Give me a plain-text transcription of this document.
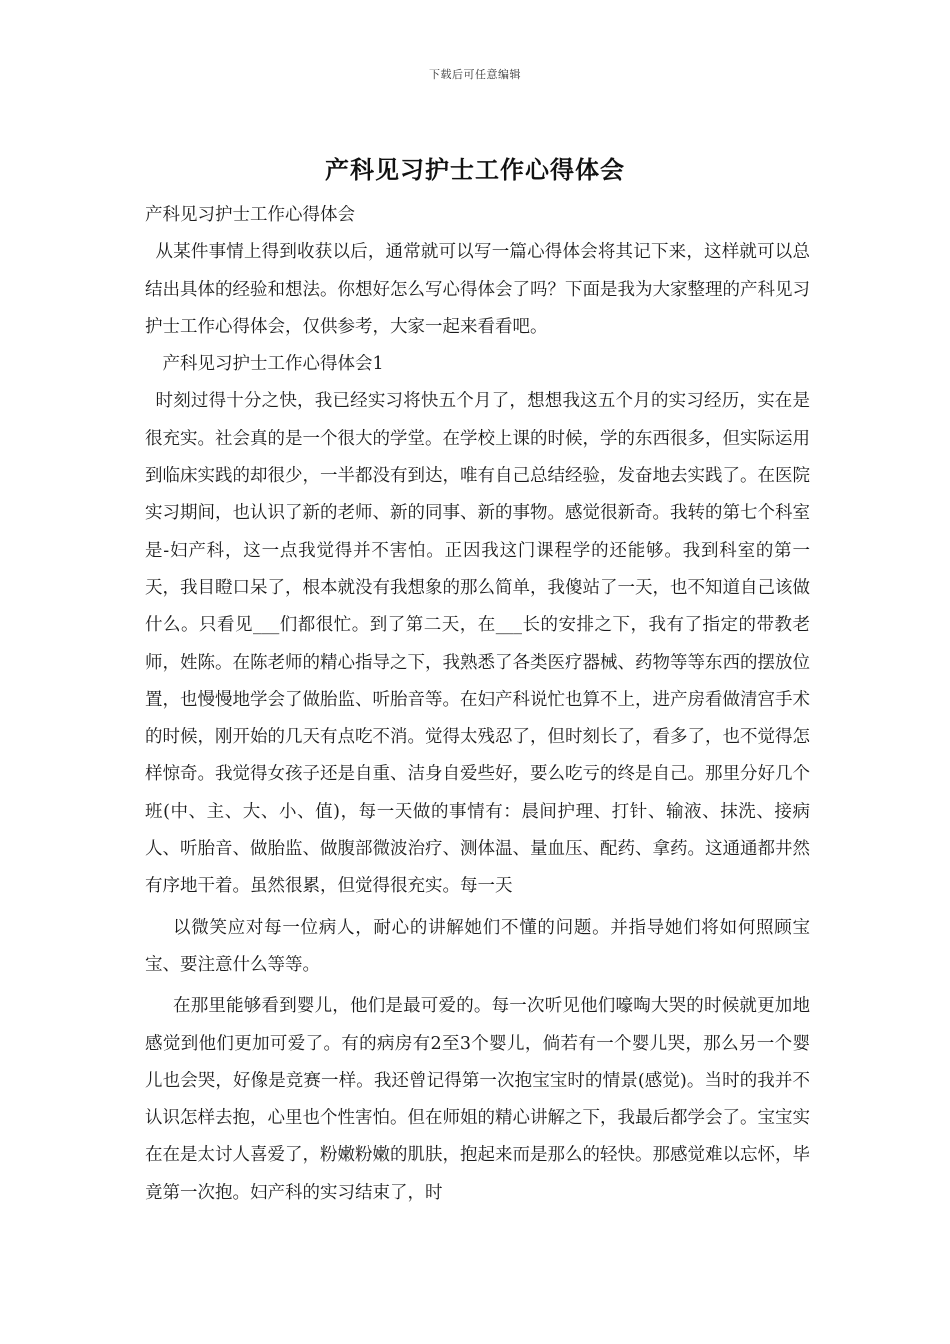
下载后可任意编辑
产科见习护士工作心得体会

产科见习护士工作心得体会

从某件事情上得到收获以后，通常就可以写一篇心得体会将其记下来，这样就可以总结出具体的经验和想法。你想好怎么写心得体会了吗？下面是我为大家整理的产科见习护士工作心得体会，仅供参考，大家一起来看看吧。

产科见习护士工作心得体会1

时刻过得十分之快，我已经实习将快五个月了，想想我这五个月的实习经历，实在是很充实。社会真的是一个很大的学堂。在学校上课的时候，学的东西很多，但实际运用到临床实践的却很少，一半都没有到达，唯有自己总结经验，发奋地去实践了。在医院实习期间，也认识了新的老师、新的同事、新的事物。感觉很新奇。我转的第七个科室是-妇产科，这一点我觉得并不害怕。正因我这门课程学的还能够。我到科室的第一天，我目瞪口呆了，根本就没有我想象的那么简单，我傻站了一天，也不知道自己该做什么。只看见___们都很忙。到了第二天，在___长的安排之下，我有了指定的带教老师，姓陈。在陈老师的精心指导之下，我熟悉了各类医疗器械、药物等等东西的摆放位置，也慢慢地学会了做胎监、听胎音等。在妇产科说忙也算不上，进产房看做清宫手术的时候，刚开始的几天有点吃不消。觉得太残忍了，但时刻长了，看多了，也不觉得怎样惊奇。我觉得女孩子还是自重、洁身自爱些好，要么吃亏的终是自己。那里分好几个班(中、主、大、小、值)，每一天做的事情有：晨间护理、打针、输液、抹洗、接病人、听胎音、做胎监、做腹部微波治疗、测体温、量血压、配药、拿药。这通通都井然有序地干着。虽然很累，但觉得很充实。每一天

以微笑应对每一位病人，耐心的讲解她们不懂的问题。并指导她们将如何照顾宝宝、要注意什么等等。

在那里能够看到婴儿，他们是最可爱的。每一次听见他们嚎啕大哭的时候就更加地感觉到他们更加可爱了。有的病房有2至3个婴儿，倘若有一个婴儿哭，那么另一个婴儿也会哭，好像是竞赛一样。我还曾记得第一次抱宝宝时的情景(感觉)。当时的我并不认识怎样去抱，心里也个性害怕。但在师姐的精心讲解之下，我最后都学会了。宝宝实在在是太讨人喜爱了，粉嫩粉嫩的肌肤，抱起来而是那么的轻快。那感觉难以忘怀，毕竟第一次抱。妇产科的实习结束了，时
